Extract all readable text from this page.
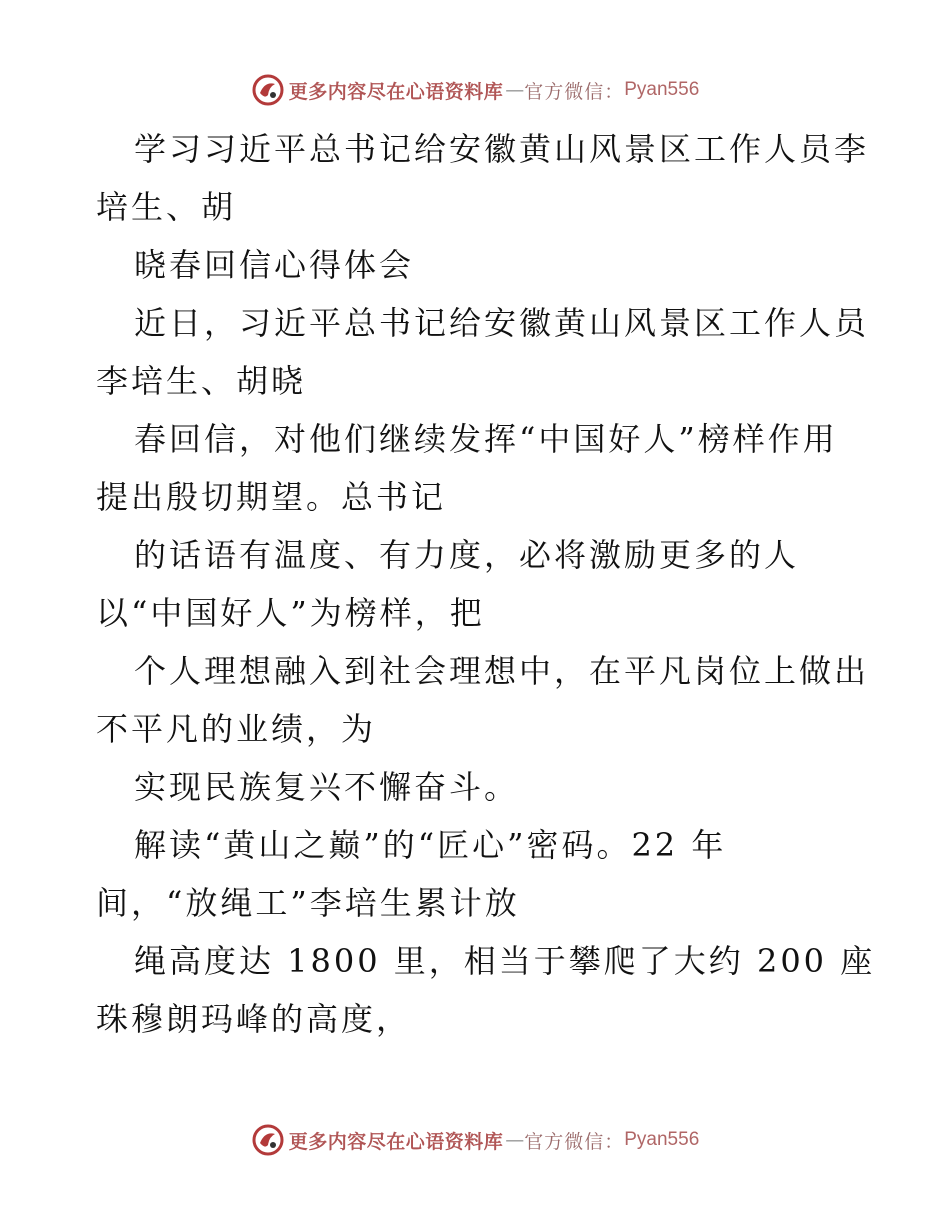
更多内容尽在心语资料库 — 官方微信： Pyan556
学习习近平总书记给安徽黄山风景区工作人员李
培生、胡
晓春回信心得体会
近日，习近平总书记给安徽黄山风景区工作人员
李培生、胡晓
春回信，对他们继续发挥“中国好人”榜样作用
提出殷切期望。总书记
的话语有温度、有力度，必将激励更多的人
以“中国好人”为榜样，把
个人理想融入到社会理想中，在平凡岗位上做出
不平凡的业绩，为
实现民族复兴不懈奋斗。
解读“黄山之巅”的“匠心”密码。22 年
间，“放绳工”李培生累计放
绳高度达 1800 里，相当于攀爬了大约 200 座
珠穆朗玛峰的高度，
更多内容尽在心语资料库 — 官方微信： Pyan556
